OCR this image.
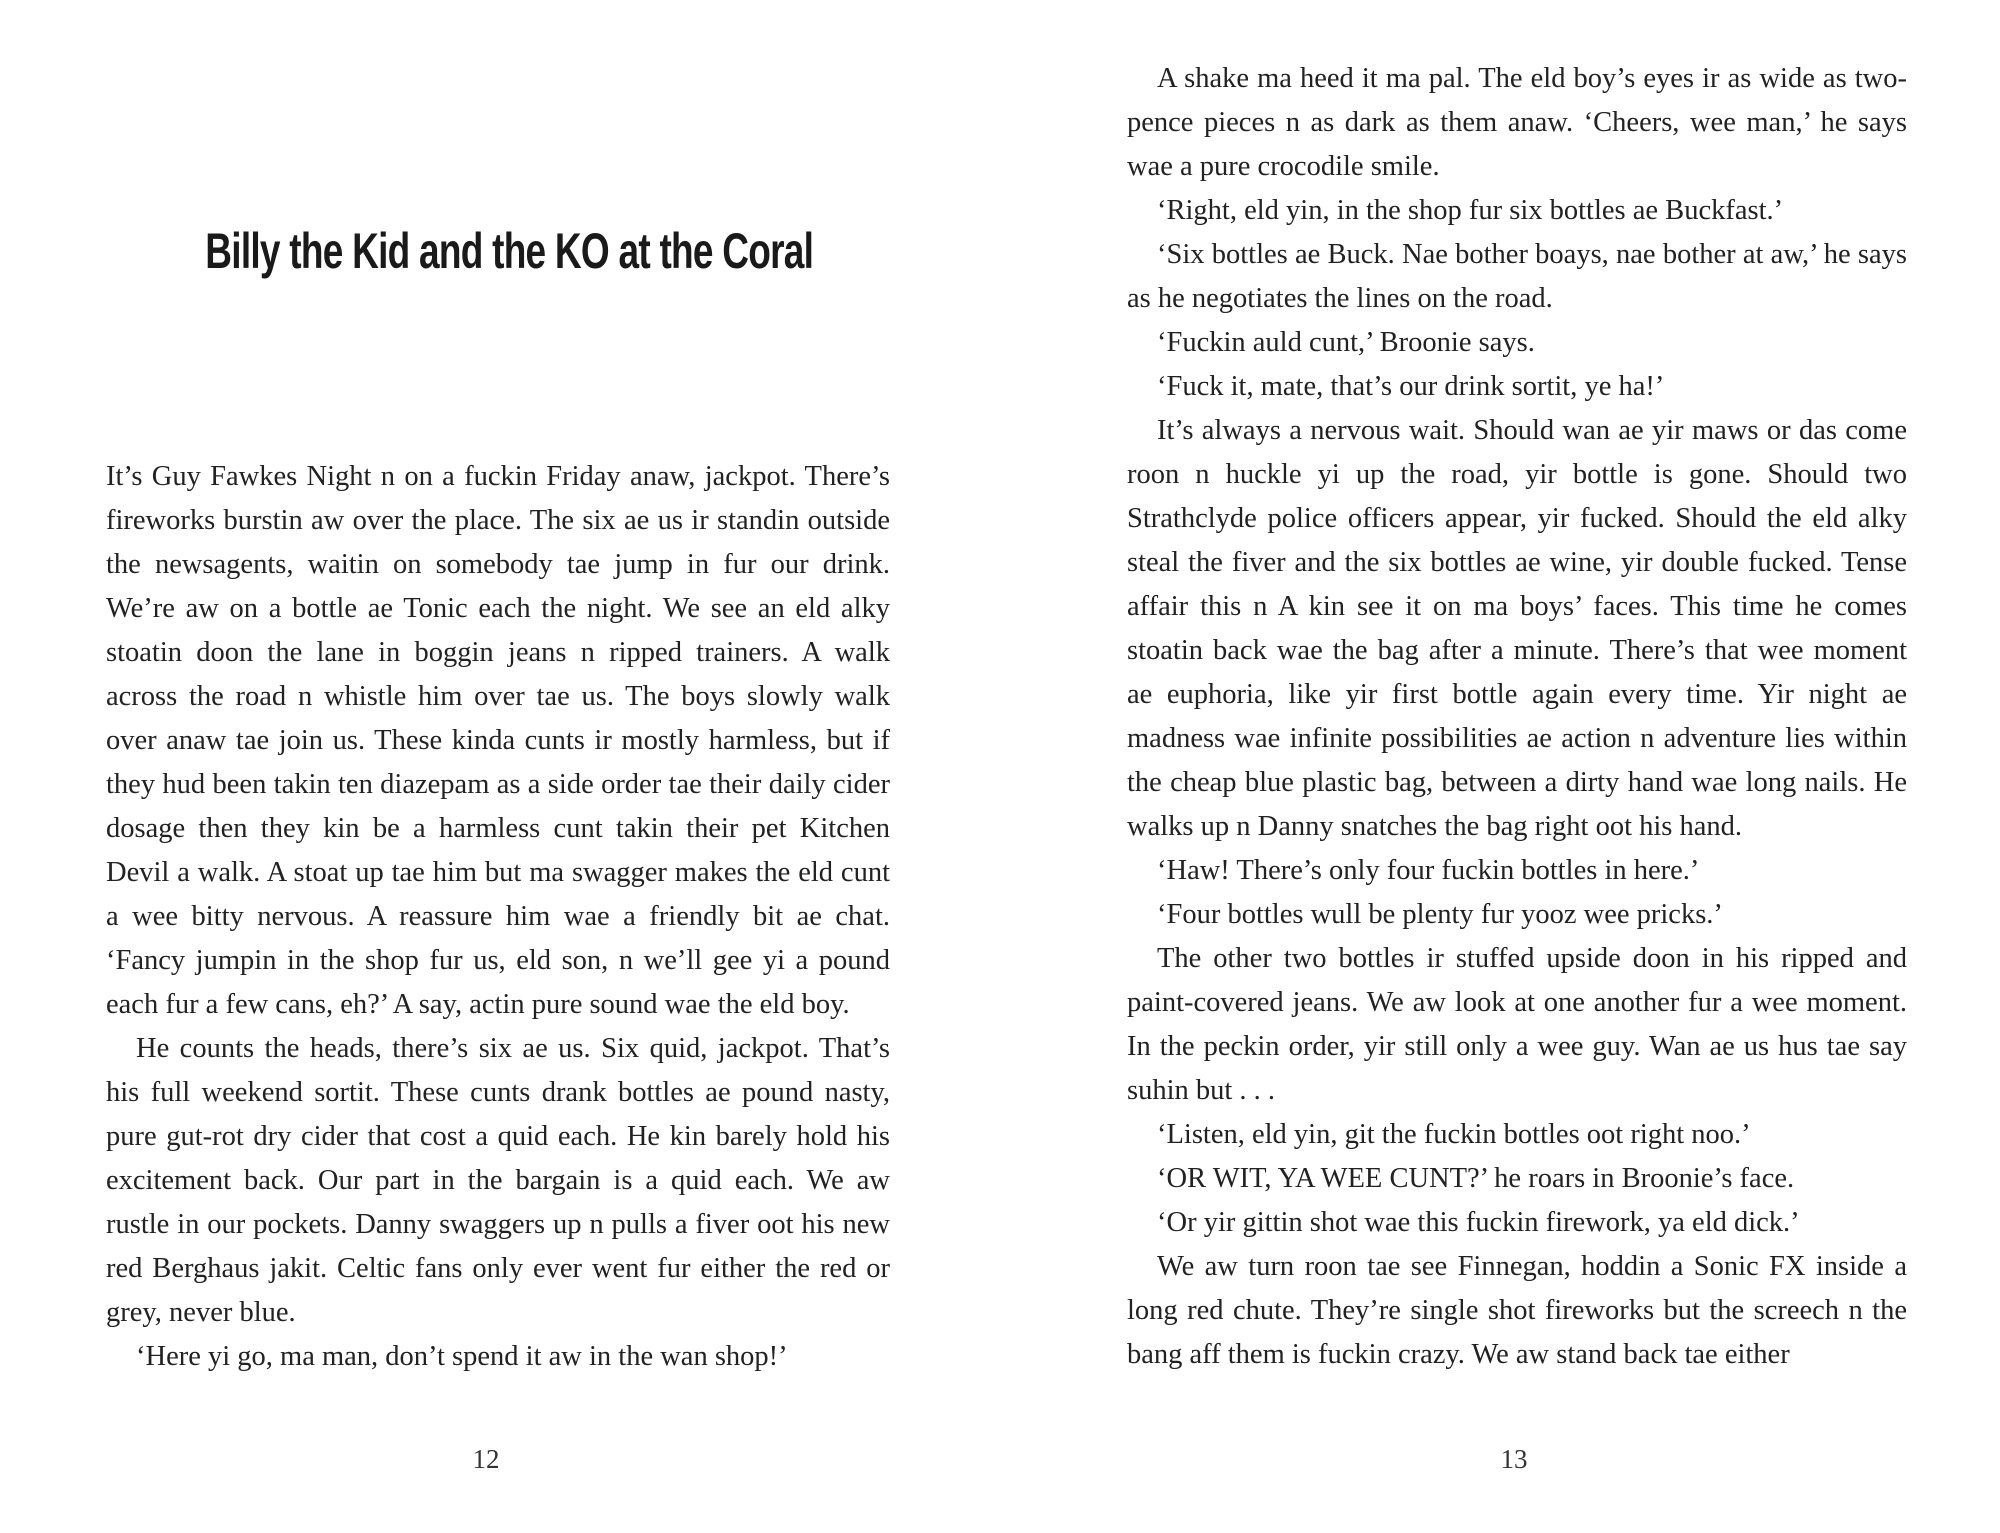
Billy the Kid and the KO at the Coral

It’s Guy Fawkes Night n on a fuckin Friday anaw, jackpot. There’s fireworks burstin aw over the place. The six ae us ir standin outside the newsagents, waitin on somebody tae jump in fur our drink. We’re aw on a bottle ae Tonic each the night. We see an eld alky stoatin doon the lane in boggin jeans n ripped trainers. A walk across the road n whistle him over tae us. The boys slowly walk over anaw tae join us. These kinda cunts ir mostly harmless, but if they hud been takin ten diazepam as a side order tae their daily cider dosage then they kin be a harmless cunt takin their pet Kitchen Devil a walk. A stoat up tae him but ma swagger makes the eld cunt a wee bitty nervous. A reassure him wae a friendly bit ae chat. ‘Fancy jumpin in the shop fur us, eld son, n we’ll gee yi a pound each fur a few cans, eh?’ A say, actin pure sound wae the eld boy.

He counts the heads, there’s six ae us. Six quid, jackpot. That’s his full weekend sortit. These cunts drank bottles ae pound nasty, pure gut-rot dry cider that cost a quid each. He kin barely hold his excitement back. Our part in the bargain is a quid each. We aw rustle in our pockets. Danny swaggers up n pulls a fiver oot his new red Berghaus jakit. Celtic fans only ever went fur either the red or grey, never blue.

‘Here yi go, ma man, don’t spend it aw in the wan shop!’

12

A shake ma heed it ma pal. The eld boy’s eyes ir as wide as two-pence pieces n as dark as them anaw. ‘Cheers, wee man,’ he says wae a pure crocodile smile.

‘Right, eld yin, in the shop fur six bottles ae Buckfast.’

‘Six bottles ae Buck. Nae bother boays, nae bother at aw,’ he says as he negotiates the lines on the road.

‘Fuckin auld cunt,’ Broonie says.

‘Fuck it, mate, that’s our drink sortit, ye ha!’

It’s always a nervous wait. Should wan ae yir maws or das come roon n huckle yi up the road, yir bottle is gone. Should two Strathclyde police officers appear, yir fucked. Should the eld alky steal the fiver and the six bottles ae wine, yir double fucked. Tense affair this n A kin see it on ma boys’ faces. This time he comes stoatin back wae the bag after a minute. There’s that wee moment ae euphoria, like yir first bottle again every time. Yir night ae madness wae infinite possibilities ae action n adventure lies within the cheap blue plastic bag, between a dirty hand wae long nails. He walks up n Danny snatches the bag right oot his hand.

‘Haw! There’s only four fuckin bottles in here.’

‘Four bottles wull be plenty fur yooz wee pricks.’

The other two bottles ir stuffed upside doon in his ripped and paint-covered jeans. We aw look at one another fur a wee moment. In the peckin order, yir still only a wee guy. Wan ae us hus tae say suhin but . . .

‘Listen, eld yin, git the fuckin bottles oot right noo.’

‘OR WIT, YA WEE CUNT?’ he roars in Broonie’s face.

‘Or yir gittin shot wae this fuckin firework, ya eld dick.’

We aw turn roon tae see Finnegan, hoddin a Sonic FX inside a long red chute. They’re single shot fireworks but the screech n the bang aff them is fuckin crazy. We aw stand back tae either

13
